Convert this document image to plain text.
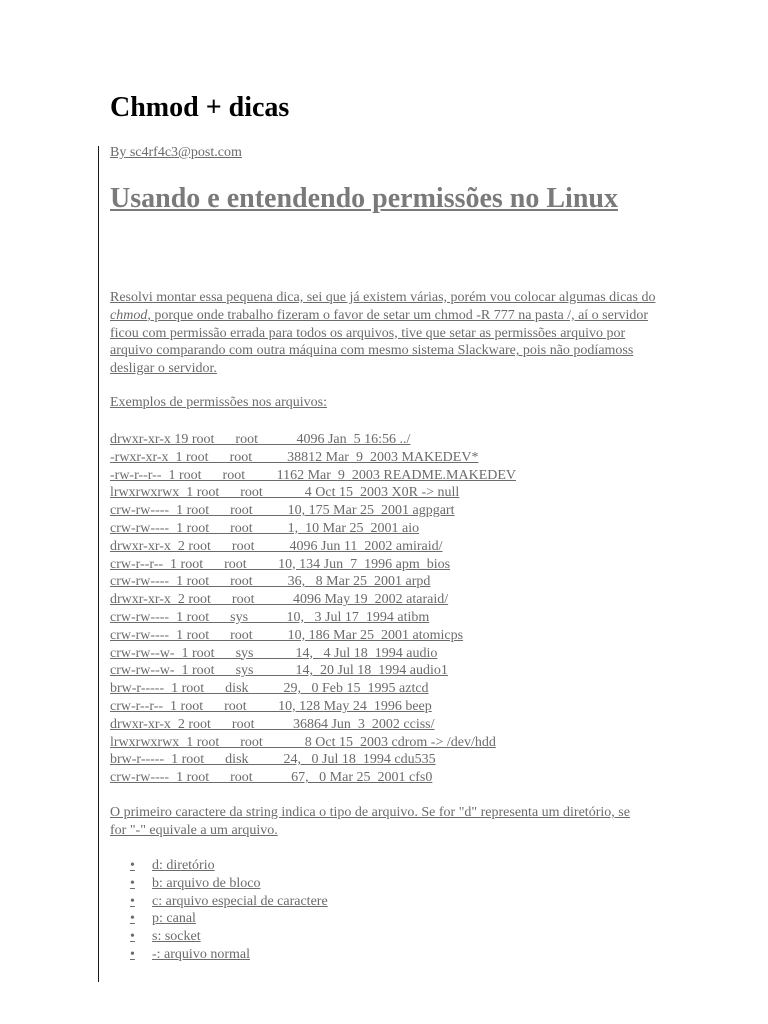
Chmod + dicas
By sc4rf4c3@post.com
Usando e entendendo permissões no Linux

Resolvi montar essa pequena dica, sei que já existem várias, porém vou colocar algumas dicas do chmod, porque onde trabalho fizeram o favor de setar um chmod -R 777 na pasta /, aí o servidor ficou com permissão errada para todos os arquivos, tive que setar as permissões arquivo por arquivo comparando com outra máquina com mesmo sistema Slackware, pois não podíamoss desligar o servidor.

Exemplos de permissões nos arquivos:
drwxr-xr-x 19 root      root           4096 Jan  5 16:56 ../
-rwxr-xr-x  1 root      root          38812 Mar  9  2003 MAKEDEV*
-rw-r--r--  1 root      root         1162 Mar  9  2003 README.MAKEDEV
lrwxrwxrwx  1 root      root            4 Oct 15  2003 X0R -> null
crw-rw----  1 root      root          10, 175 Mar 25  2001 agpgart
crw-rw----  1 root      root          1,  10 Mar 25  2001 aio
drwxr-xr-x  2 root      root          4096 Jun 11  2002 amiraid/
crw-r--r--  1 root      root         10, 134 Jun  7  1996 apm_bios
crw-rw----  1 root      root          36,   8 Mar 25  2001 arpd
drwxr-xr-x  2 root      root           4096 May 19  2002 ataraid/
crw-rw----  1 root      sys           10,   3 Jul 17  1994 atibm
crw-rw----  1 root      root          10, 186 Mar 25  2001 atomicps
crw-rw--w-  1 root      sys            14,   4 Jul 18  1994 audio
crw-rw--w-  1 root      sys            14,  20 Jul 18  1994 audio1
brw-r-----  1 root      disk          29,   0 Feb 15  1995 aztcd
crw-r--r--  1 root      root         10, 128 May 24  1996 beep
drwxr-xr-x  2 root      root           36864 Jun  3  2002 cciss/
lrwxrwxrwx  1 root      root            8 Oct 15  2003 cdrom -> /dev/hdd
brw-r-----  1 root      disk          24,   0 Jul 18  1994 cdu535
crw-rw----  1 root      root           67,   0 Mar 25  2001 cfs0

O primeiro caractere da string indica o tipo de arquivo. Se for "d" representa um diretório, se for "-" equivale a um arquivo.

• d: diretório
• b: arquivo de bloco
• c: arquivo especial de caractere
• p: canal
• s: socket
• -: arquivo normal
